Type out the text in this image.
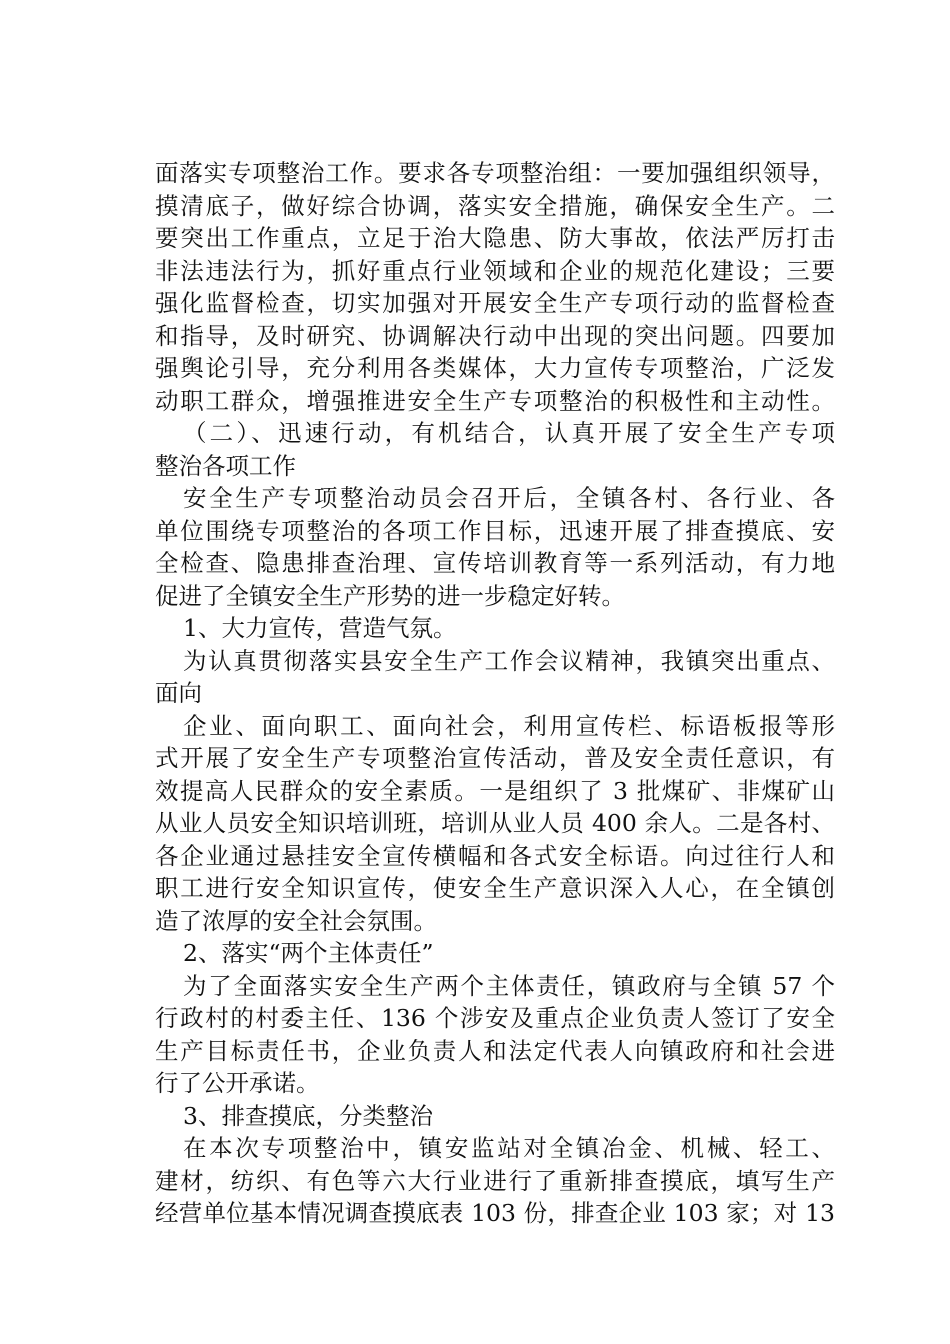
面落实专项整治工作。要求各专项整治组：一要加强组织领导，
摸清底子，做好综合协调，落实安全措施，确保安全生产。二
要突出工作重点，立足于治大隐患、防大事故，依法严厉打击
非法违法行为，抓好重点行业领域和企业的规范化建设；三要
强化监督检查，切实加强对开展安全生产专项行动的监督检查
和指导，及时研究、协调解决行动中出现的突出问题。四要加
强舆论引导，充分利用各类媒体，大力宣传专项整治，广泛发
动职工群众，增强推进安全生产专项整治的积极性和主动性。
（二）、迅速行动，有机结合，认真开展了安全生产专项
整治各项工作
安全生产专项整治动员会召开后，全镇各村、各行业、各
单位围绕专项整治的各项工作目标，迅速开展了排查摸底、安
全检查、隐患排查治理、宣传培训教育等一系列活动，有力地
促进了全镇安全生产形势的进一步稳定好转。
1、大力宣传，营造气氛。
为认真贯彻落实县安全生产工作会议精神，我镇突出重点、
面向
企业、面向职工、面向社会，利用宣传栏、标语板报等形
式开展了安全生产专项整治宣传活动，普及安全责任意识，有
效提高人民群众的安全素质。一是组织了 3 批煤矿、非煤矿山
从业人员安全知识培训班，培训从业人员 400 余人。二是各村、
各企业通过悬挂安全宣传横幅和各式安全标语。向过往行人和
职工进行安全知识宣传，使安全生产意识深入人心，在全镇创
造了浓厚的安全社会氛围。
2、落实“两个主体责任”
为了全面落实安全生产两个主体责任，镇政府与全镇 57 个
行政村的村委主任、136 个涉安及重点企业负责人签订了安全
生产目标责任书，企业负责人和法定代表人向镇政府和社会进
行了公开承诺。
3、排查摸底，分类整治
在本次专项整治中，镇安监站对全镇冶金、机械、轻工、
建材，纺织、有色等六大行业进行了重新排查摸底，填写生产
经营单位基本情况调查摸底表 103 份，排查企业 103 家；对 13
